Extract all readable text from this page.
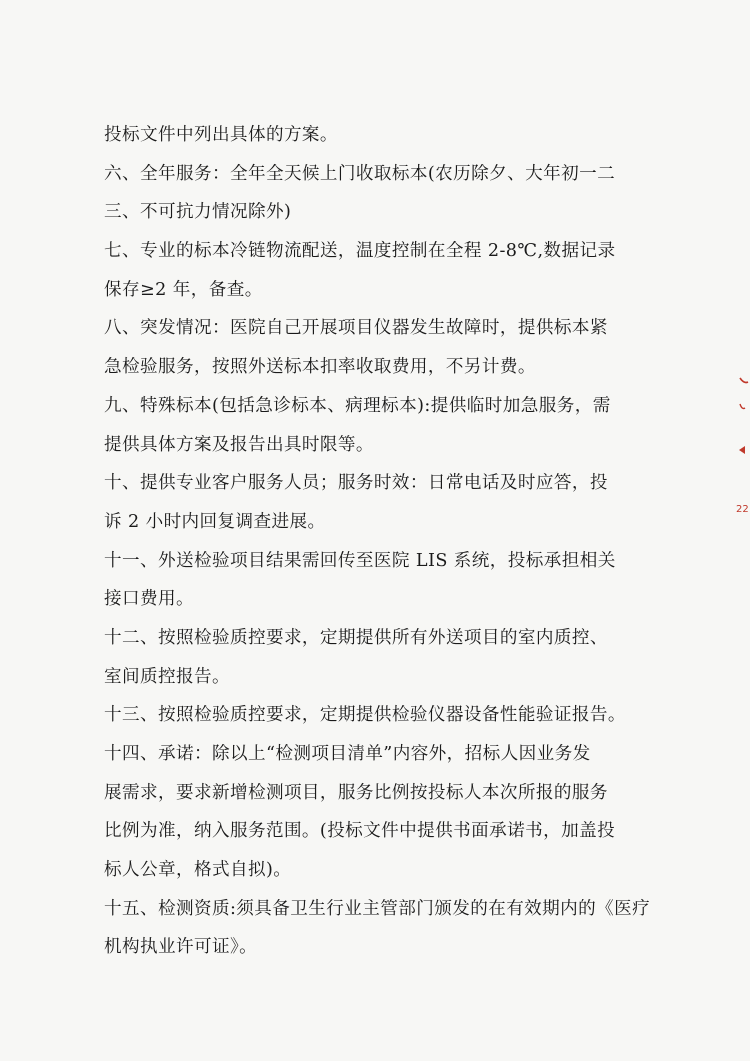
投标文件中列出具体的方案。
六、全年服务：全年全天候上门收取标本(农历除夕、大年初一二
三、不可抗力情况除外)
七、专业的标本冷链物流配送，温度控制在全程 2-8℃,数据记录
保存≥2 年，备查。
八、突发情况：医院自己开展项目仪器发生故障时，提供标本紧
急检验服务，按照外送标本扣率收取费用，不另计费。
九、特殊标本(包括急诊标本、病理标本):提供临时加急服务，需
提供具体方案及报告出具时限等。
十、提供专业客户服务人员；服务时效：日常电话及时应答，投
诉 2 小时内回复调查进展。
十一、外送检验项目结果需回传至医院 LIS 系统，投标承担相关
接口费用。
十二、按照检验质控要求，定期提供所有外送项目的室内质控、
室间质控报告。
十三、按照检验质控要求，定期提供检验仪器设备性能验证报告。
十四、承诺：除以上“检测项目清单”内容外，招标人因业务发
展需求，要求新增检测项目，服务比例按投标人本次所报的服务
比例为准，纳入服务范围。(投标文件中提供书面承诺书，加盖投
标人公章，格式自拟)。
十五、检测资质:须具备卫生行业主管部门颁发的在有效期内的《医疗
机构执业许可证》。
22
